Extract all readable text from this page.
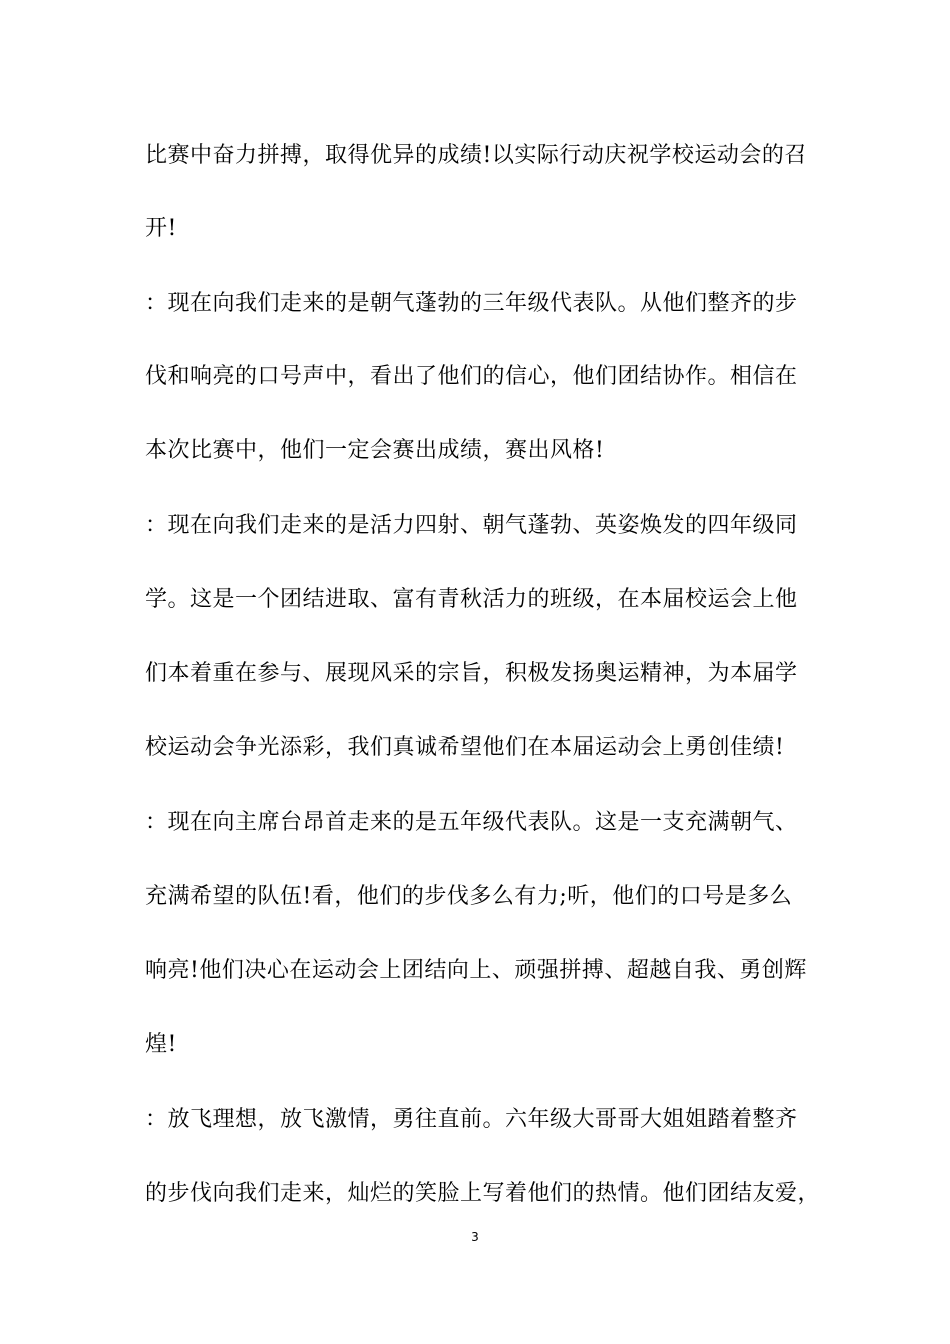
比赛中奋力拼搏，取得优异的成绩!以实际行动庆祝学校运动会的召
开!
：现在向我们走来的是朝气蓬勃的三年级代表队。从他们整齐的步
伐和响亮的口号声中，看出了他们的信心，他们团结协作。相信在
本次比赛中，他们一定会赛出成绩，赛出风格!
：现在向我们走来的是活力四射、朝气蓬勃、英姿焕发的四年级同
学。这是一个团结进取、富有青秋活力的班级，在本届校运会上他
们本着重在参与、展现风采的宗旨，积极发扬奥运精神，为本届学
校运动会争光添彩，我们真诚希望他们在本届运动会上勇创佳绩!
：现在向主席台昂首走来的是五年级代表队。这是一支充满朝气、
充满希望的队伍!看，他们的步伐多么有力;听，他们的口号是多么
响亮!他们决心在运动会上团结向上、顽强拼搏、超越自我、勇创辉
煌!
：放飞理想，放飞激情，勇往直前。六年级大哥哥大姐姐踏着整齐
的步伐向我们走来，灿烂的笑脸上写着他们的热情。他们团结友爱，
3
